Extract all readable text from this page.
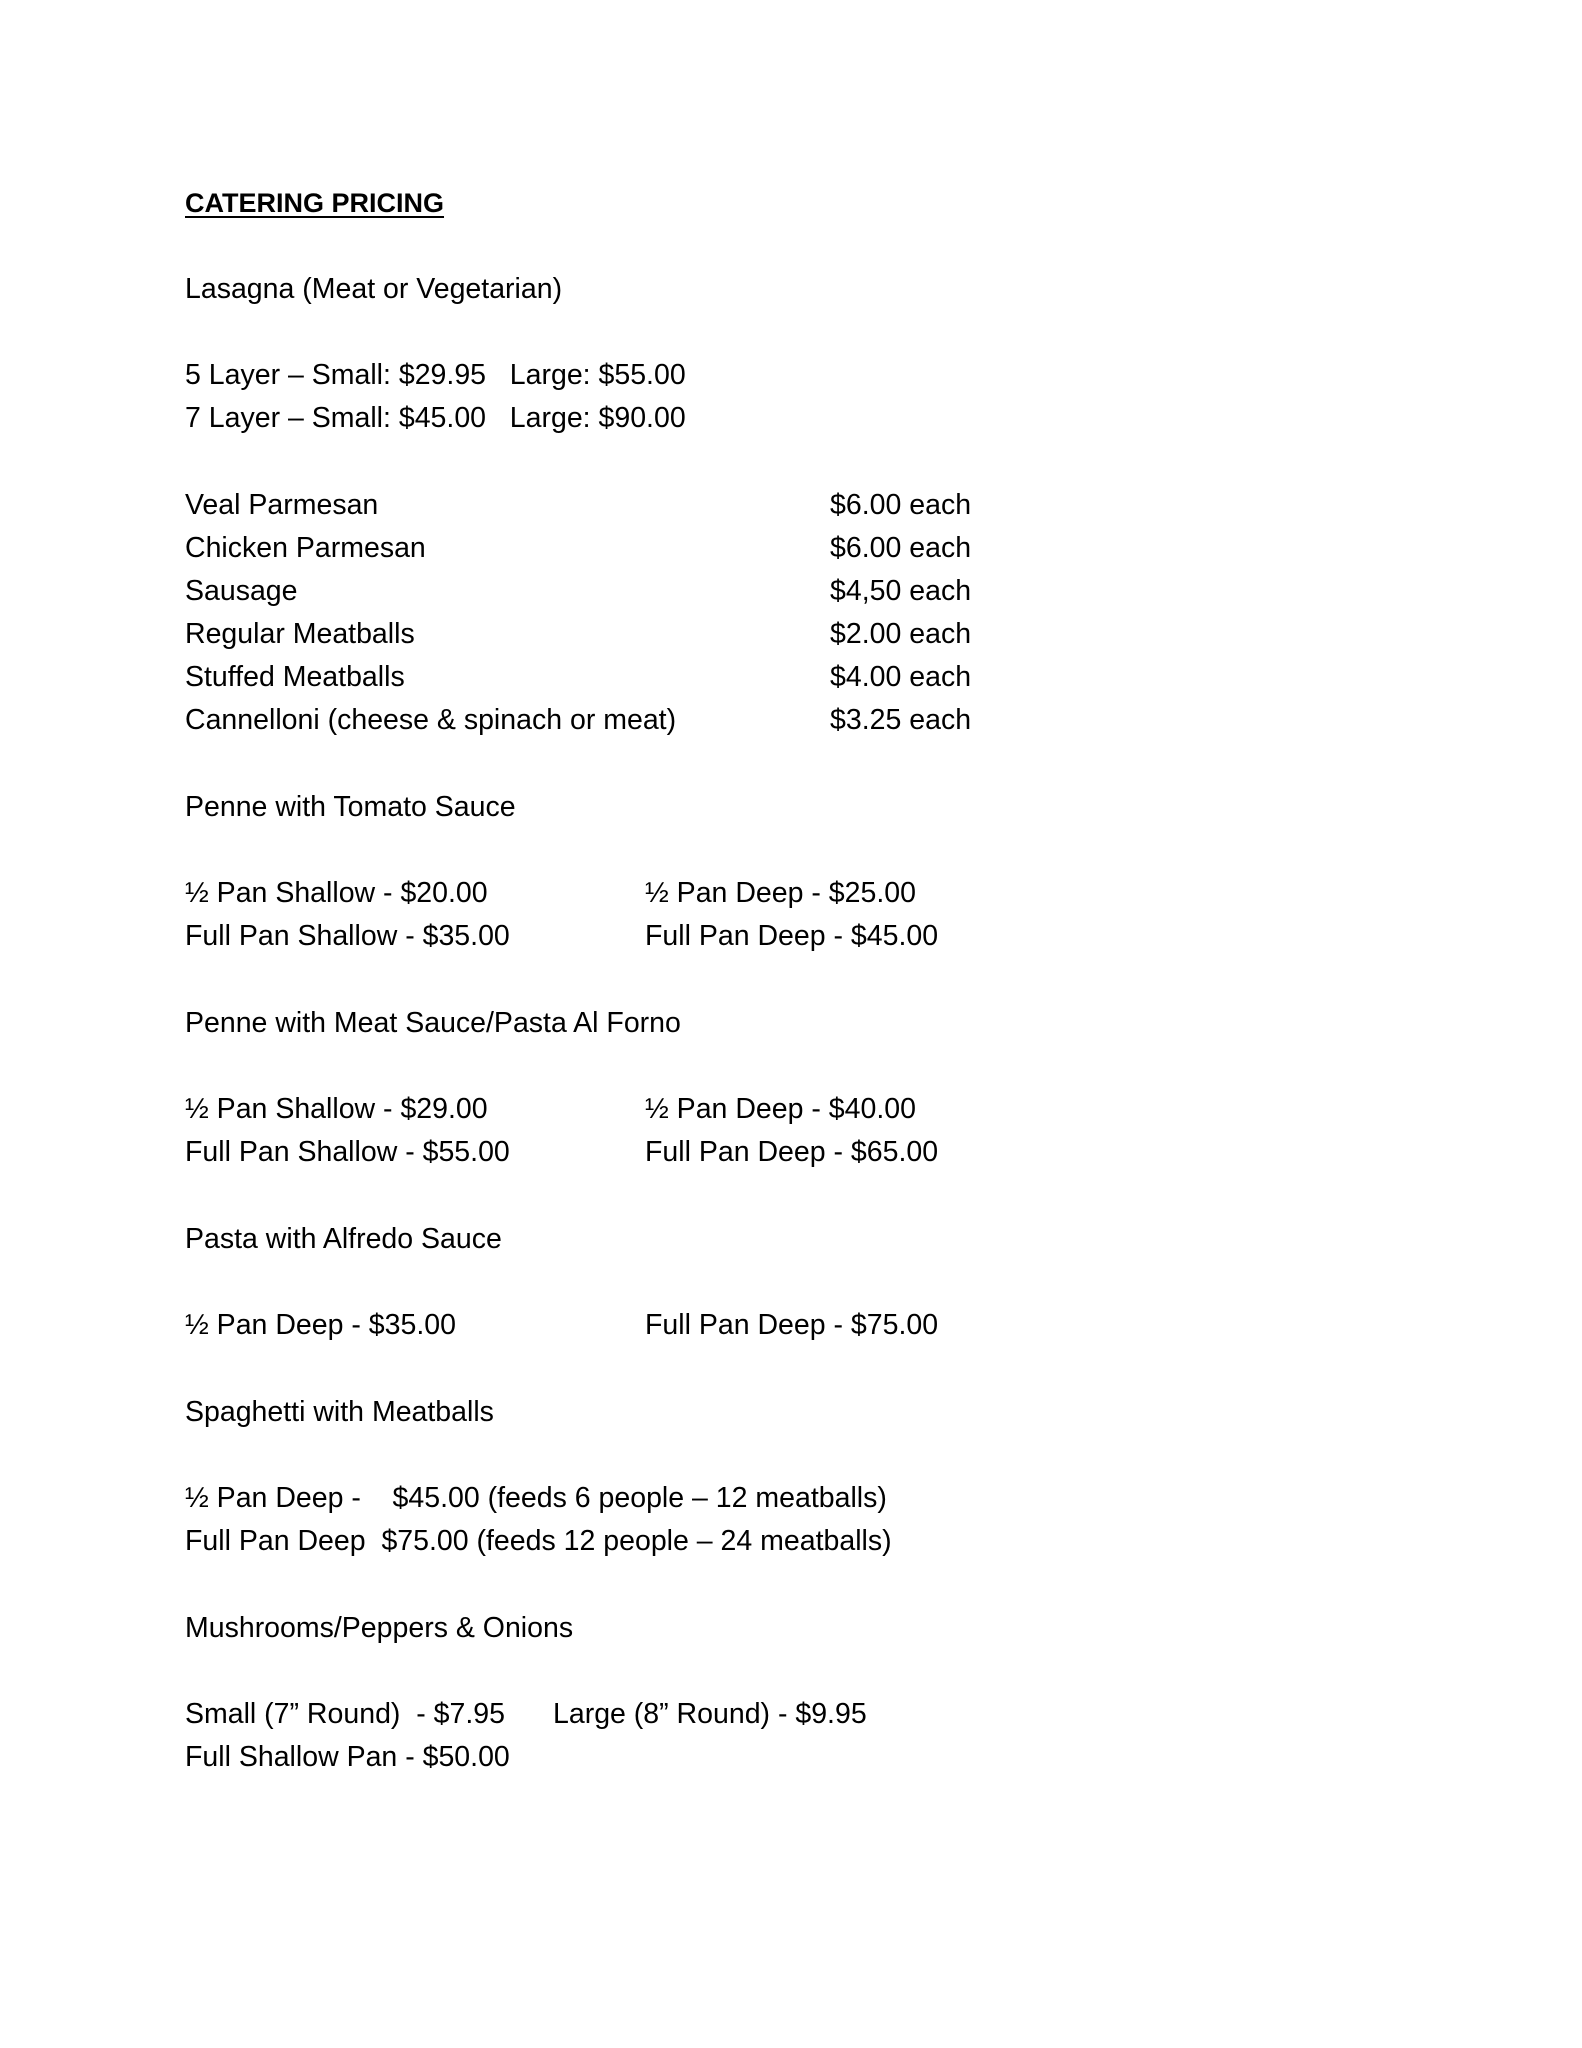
CATERING PRICING
Lasagna (Meat or Vegetarian)
5 Layer – Small: $29.95   Large: $55.00
7 Layer – Small: $45.00   Large: $90.00
Veal Parmesan	$6.00 each
Chicken Parmesan	$6.00 each
Sausage	$4,50 each
Regular Meatballs	$2.00 each
Stuffed Meatballs	$4.00 each
Cannelloni (cheese & spinach or meat)	$3.25 each
Penne with Tomato Sauce
½ Pan Shallow - $20.00	½ Pan Deep - $25.00
Full Pan Shallow - $35.00	Full Pan Deep - $45.00
Penne with Meat Sauce/Pasta Al Forno
½ Pan Shallow - $29.00	½ Pan Deep - $40.00
Full Pan Shallow - $55.00	Full Pan Deep - $65.00
Pasta with Alfredo Sauce
½ Pan Deep - $35.00	Full Pan Deep - $75.00
Spaghetti with Meatballs
½ Pan Deep -    $45.00 (feeds 6 people – 12 meatballs)
Full Pan Deep  $75.00 (feeds 12 people – 24 meatballs)
Mushrooms/Peppers & Onions
Small (7” Round)  - $7.95 Large (8” Round) - $9.95
Full Shallow Pan - $50.00
